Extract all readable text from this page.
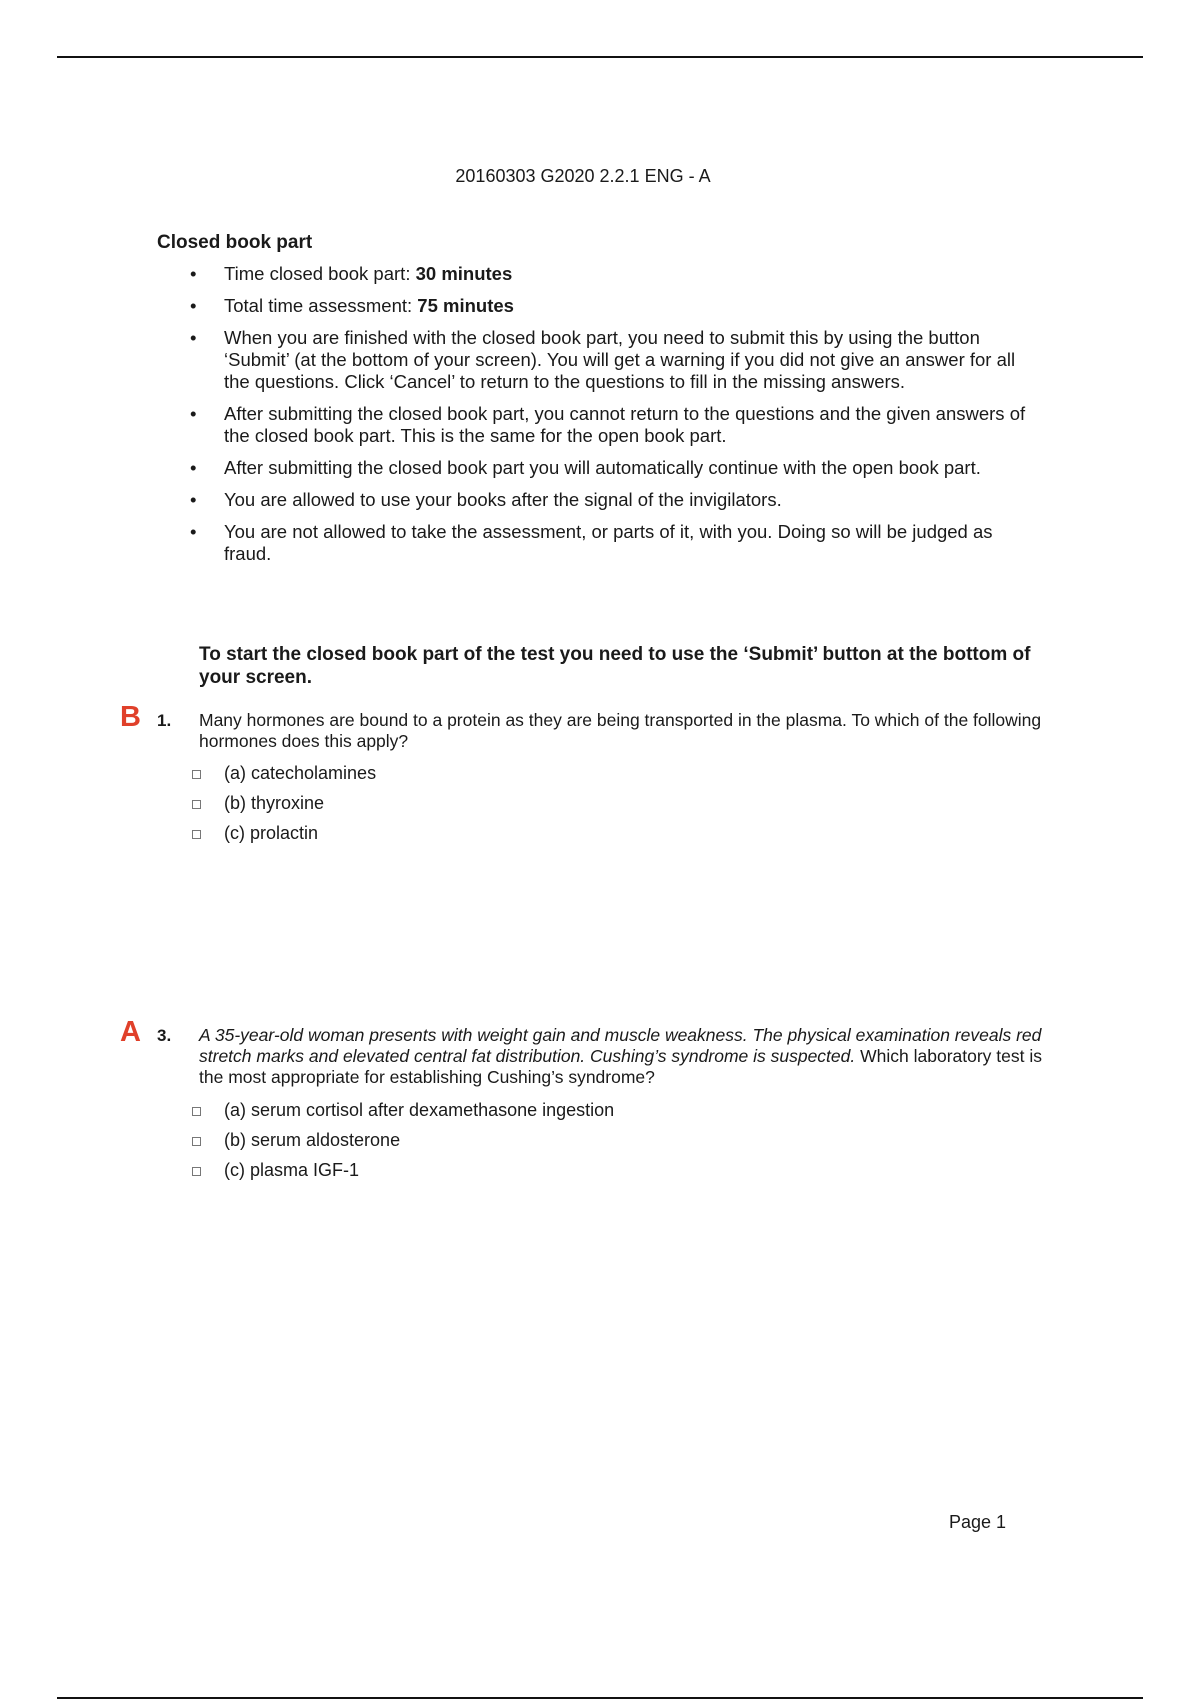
20160303 G2020 2.2.1 ENG - A
Closed book part
• Time closed book part: 30 minutes
• Total time assessment: 75 minutes
• When you are finished with the closed book part, you need to submit this by using the button ‘Submit’ (at the bottom of your screen). You will get a warning if you did not give an answer for all the questions. Click ‘Cancel’ to return to the questions to fill in the missing answers.
• After submitting the closed book part, you cannot return to the questions and the given answers of the closed book part. This is the same for the open book part.
• After submitting the closed book part you will automatically continue with the open book part.
• You are allowed to use your books after the signal of the invigilators.
• You are not allowed to take the assessment, or parts of it, with you. Doing so will be judged as fraud.
To start the closed book part of the test you need to use the ‘Submit’ button at the bottom of your screen.
B 1. Many hormones are bound to a protein as they are being transported in the plasma. To which of the following hormones does this apply?
(a) catecholamines
(b) thyroxine
(c) prolactin
A 3. A 35-year-old woman presents with weight gain and muscle weakness. The physical examination reveals red stretch marks and elevated central fat distribution. Cushing’s syndrome is suspected. Which laboratory test is the most appropriate for establishing Cushing’s syndrome?
(a) serum cortisol after dexamethasone ingestion
(b) serum aldosterone
(c) plasma IGF-1
Page 1
